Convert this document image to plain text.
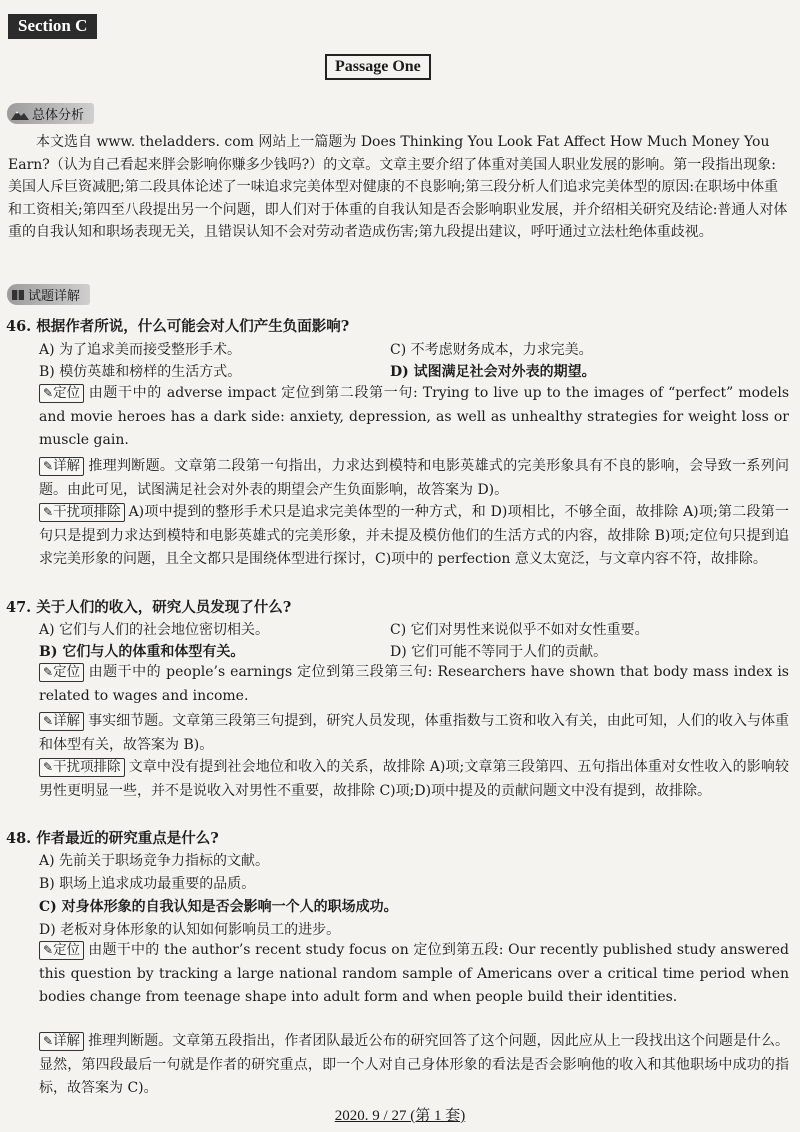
Section C
Passage One
总体分析

本文选自 www. theladders. com 网站上一篇题为 Does Thinking You Look Fat Affect How Much Money You Earn?（认为自己看起来胖会影响你赚多少钱吗?）的文章。文章主要介绍了体重对美国人职业发展的影响。第一段指出现象:美国人斥巨资减肥;第二段具体论述了一味追求完美体型对健康的不良影响;第三段分析人们追求完美体型的原因:在职场中体重和工资相关;第四至八段提出另一个问题，即人们对于体重的自我认知是否会影响职业发展，并介绍相关研究及结论:普通人对体重的自我认知和职场表现无关，且错误认知不会对劳动者造成伤害;第九段提出建议，呼吁通过立法杜绝体重歧视。

试题详解
46. 根据作者所说，什么可能会对人们产生负面影响?
A) 为了追求美而接受整形手术。	C) 不考虑财务成本，力求完美。
B) 模仿英雄和榜样的生活方式。	D) 试图满足社会对外表的期望。

✎定位 由题干中的 adverse impact 定位到第二段第一句: Trying to live up to the images of “perfect” models and movie heroes has a dark side: anxiety, depression, as well as unhealthy strategies for weight loss or muscle gain.

✎详解 推理判断题。文章第二段第一句指出，力求达到模特和电影英雄式的完美形象具有不良的影响，会导致一系列问题。由此可见，试图满足社会对外表的期望会产生负面影响，故答案为 D)。

✎干扰项排除 A)项中提到的整形手术只是追求完美体型的一种方式，和 D)项相比，不够全面，故排除 A)项;第二段第一句只是提到力求达到模特和电影英雄式的完美形象，并未提及模仿他们的生活方式的内容，故排除 B)项;定位句只提到追求完美形象的问题，且全文都只是围绕体型进行探讨，C)项中的 perfection 意义太宽泛，与文章内容不符，故排除。

47. 关于人们的收入，研究人员发现了什么?
A) 它们与人们的社会地位密切相关。	C) 它们对男性来说似乎不如对女性重要。
B) 它们与人的体重和体型有关。	D) 它们可能不等同于人们的贡献。

✎定位 由题干中的 people’s earnings 定位到第三段第三句: Researchers have shown that body mass index is related to wages and income.

✎详解 事实细节题。文章第三段第三句提到，研究人员发现，体重指数与工资和收入有关，由此可知，人们的收入与体重和体型有关，故答案为 B)。

✎干扰项排除 文章中没有提到社会地位和收入的关系，故排除 A)项;文章第三段第四、五句指出体重对女性收入的影响较男性更明显一些，并不是说收入对男性不重要，故排除 C)项;D)项中提及的贡献问题文中没有提到，故排除。

48. 作者最近的研究重点是什么?
A) 先前关于职场竞争力指标的文献。
B) 职场上追求成功最重要的品质。
C) 对身体形象的自我认知是否会影响一个人的职场成功。
D) 老板对身体形象的认知如何影响员工的进步。

✎定位 由题干中的 the author’s recent study focus on 定位到第五段: Our recently published study answered this question by tracking a large national random sample of Americans over a critical time period when bodies change from teenage shape into adult form and when people build their identities.

✎详解 推理判断题。文章第五段指出，作者团队最近公布的研究回答了这个问题，因此应从上一段找出这个问题是什么。显然，第四段最后一句就是作者的研究重点，即一个人对自己身体形象的看法是否会影响他的收入和其他职场中成功的指标，故答案为 C)。

2020. 9 / 27 (第 1 套)
